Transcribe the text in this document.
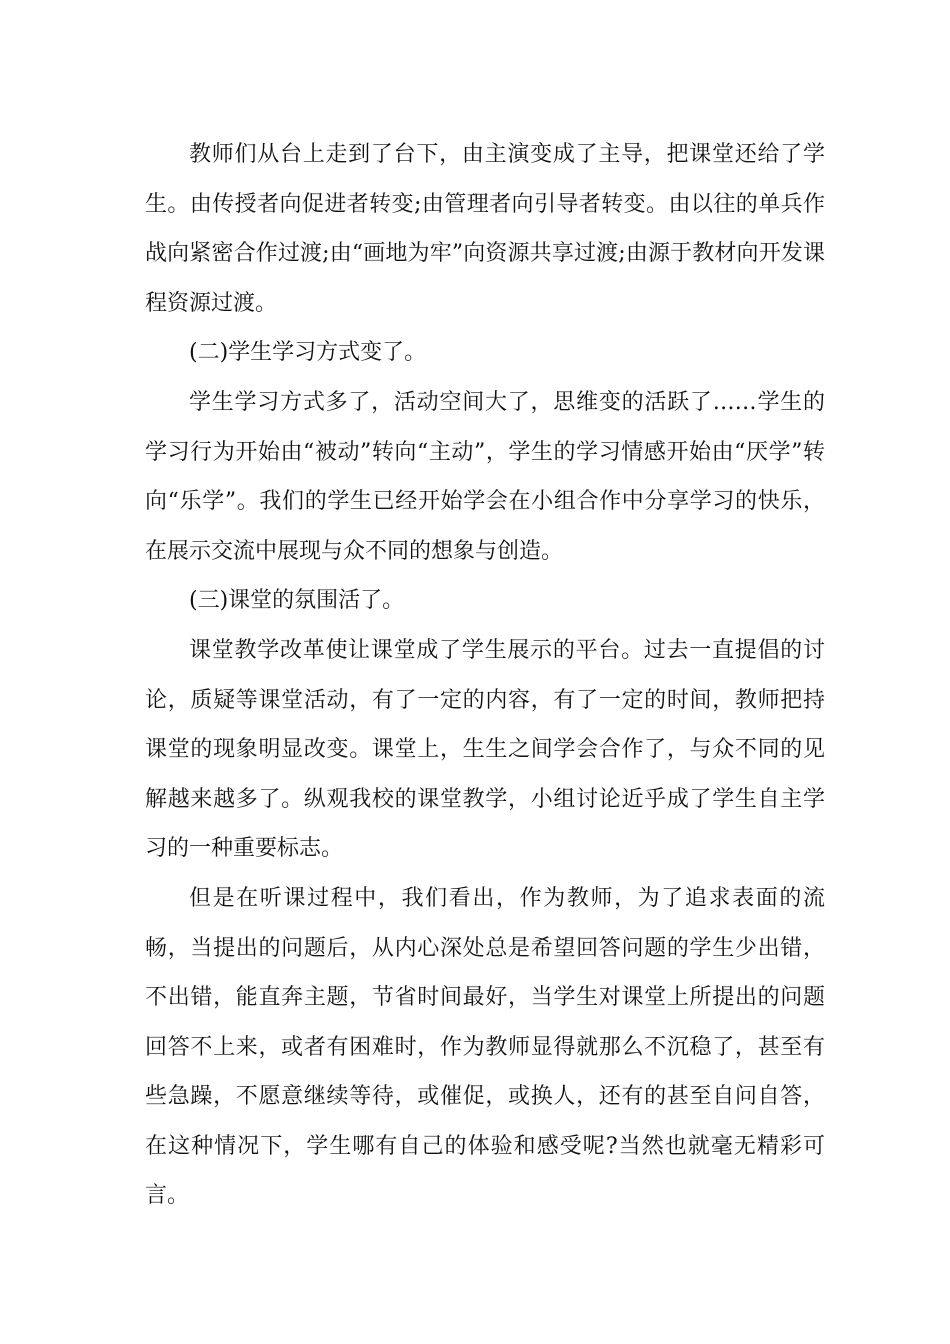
教师们从台上走到了台下，由主演变成了主导，把课堂还给了学生。由传授者向促进者转变;由管理者向引导者转变。由以往的单兵作战向紧密合作过渡;由“画地为牢”向资源共享过渡;由源于教材向开发课程资源过渡。

(二)学生学习方式变了。

学生学习方式多了，活动空间大了，思维变的活跃了……学生的学习行为开始由“被动”转向“主动”，学生的学习情感开始由“厌学”转向“乐学”。我们的学生已经开始学会在小组合作中分享学习的快乐，在展示交流中展现与众不同的想象与创造。

(三)课堂的氛围活了。

课堂教学改革使让课堂成了学生展示的平台。过去一直提倡的讨论，质疑等课堂活动，有了一定的内容，有了一定的时间，教师把持课堂的现象明显改变。课堂上，生生之间学会合作了，与众不同的见解越来越多了。纵观我校的课堂教学，小组讨论近乎成了学生自主学习的一种重要标志。

但是在听课过程中，我们看出，作为教师，为了追求表面的流畅，当提出的问题后，从内心深处总是希望回答问题的学生少出错，不出错，能直奔主题，节省时间最好，当学生对课堂上所提出的问题回答不上来，或者有困难时，作为教师显得就那么不沉稳了，甚至有些急躁，不愿意继续等待，或催促，或换人，还有的甚至自问自答，在这种情况下，学生哪有自己的体验和感受呢?当然也就毫无精彩可言。
